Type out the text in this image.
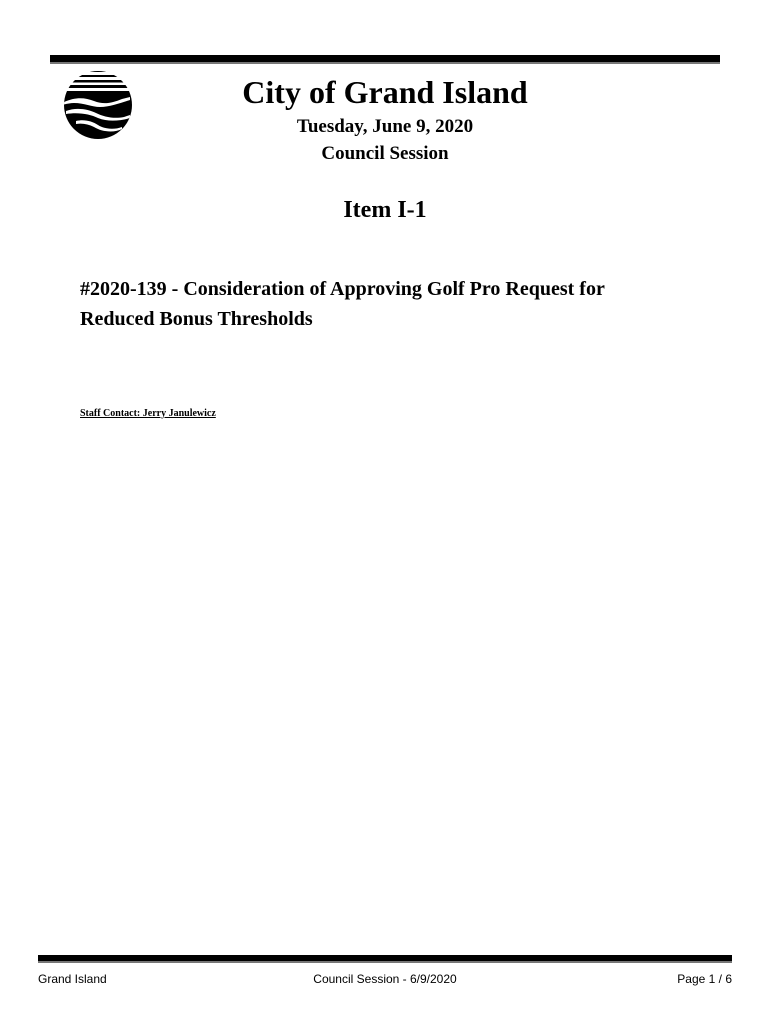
City of Grand Island
Tuesday, June 9, 2020
Council Session
Item I-1
#2020-139 - Consideration of Approving Golf Pro Request for
Reduced Bonus Thresholds
Staff Contact: Jerry Janulewicz
Grand Island	Council Session - 6/9/2020	Page 1 / 6
